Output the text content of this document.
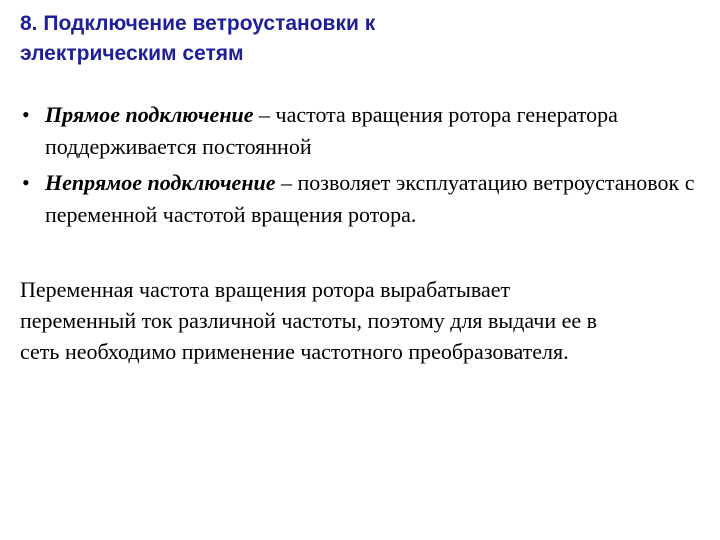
8. Подключение ветроустановки к
электрическим сетям
• Прямое подключение – частота вращения ротора генератора поддерживается постоянной
• Непрямое подключение – позволяет эксплуатацию ветроустановок с переменной частотой вращения ротора.

Переменная частота вращения ротора вырабатывает
переменный ток различной частоты, поэтому для выдачи ее в
сеть необходимо применение частотного преобразователя.
